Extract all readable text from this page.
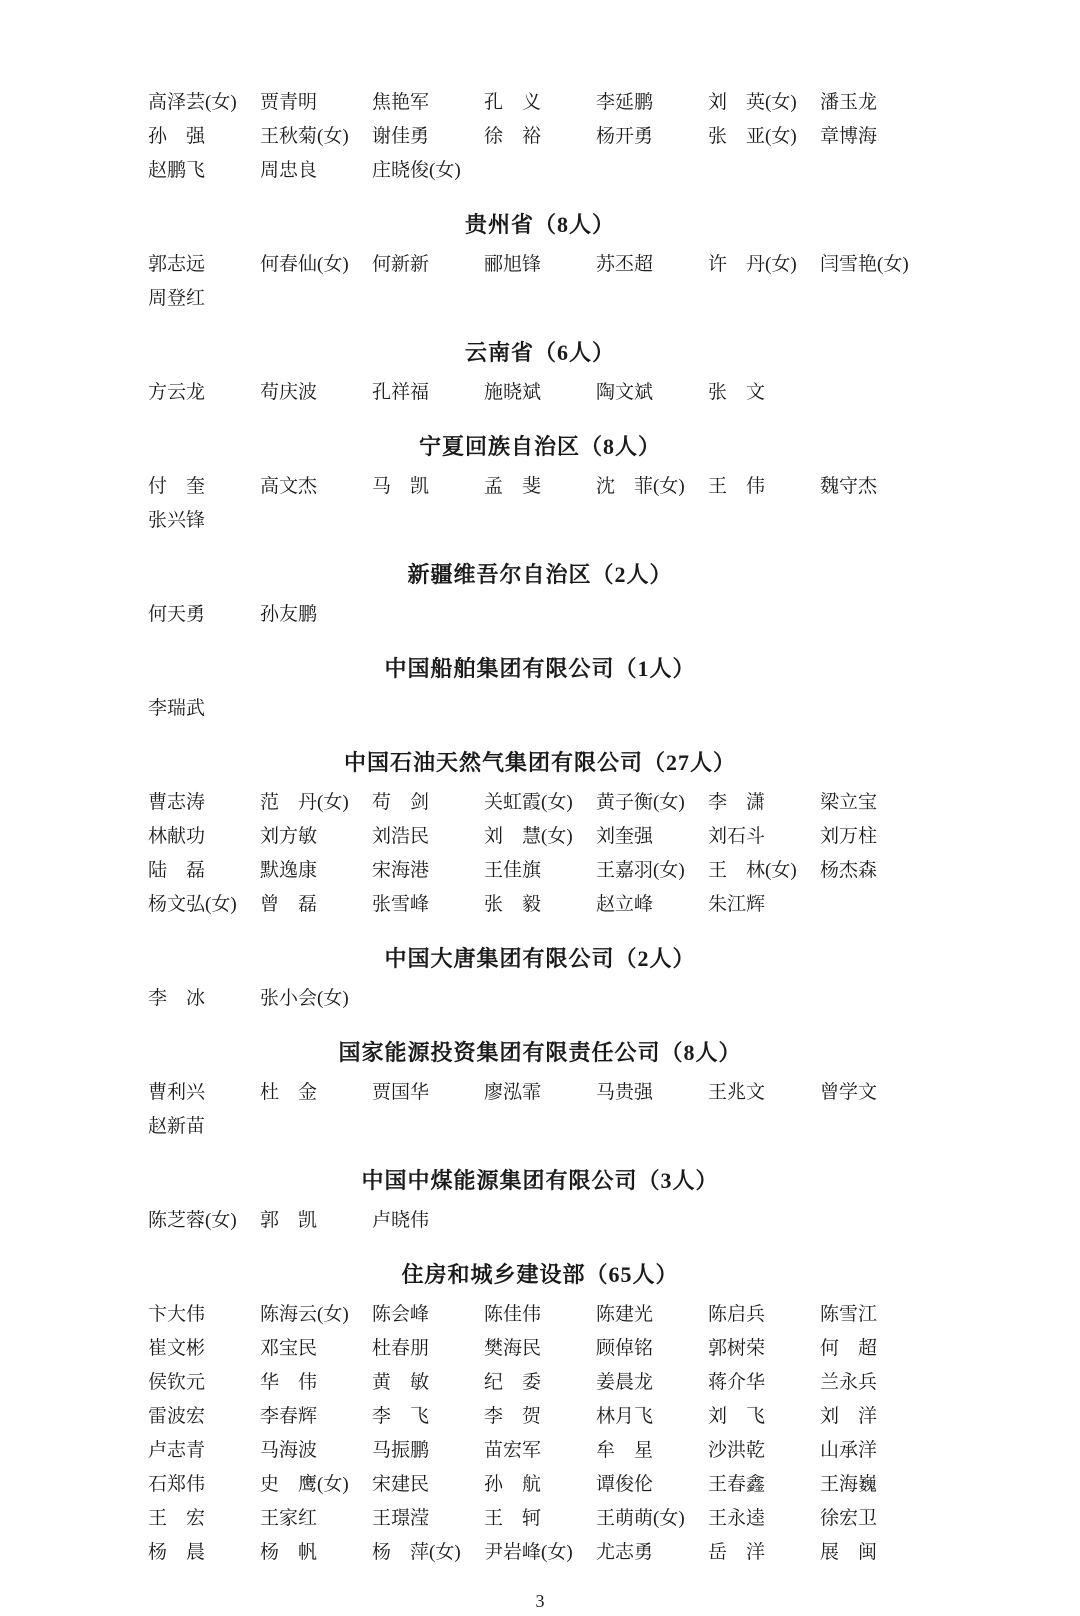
高泽芸(女)	贾青明	焦艳军	孔　义	李延鹏	刘　英(女)	潘玉龙
孙　强	王秋菊(女)	谢佳勇	徐　裕	杨开勇	张　亚(女)	章博海
赵鹏飞	周忠良	庄晓俊(女)
贵州省（8人）
郭志远	何春仙(女)	何新新	郦旭锋	苏丕超	许　丹(女)	闫雪艳(女)
周登红
云南省（6人）
方云龙	苟庆波	孔祥福	施晓斌	陶文斌	张　文
宁夏回族自治区（8人）
付　奎	高文杰	马　凯	孟　斐	沈　菲(女)	王　伟	魏守杰
张兴锋
新疆维吾尔自治区（2人）
何天勇	孙友鹏
中国船舶集团有限公司（1人）
李瑞武
中国石油天然气集团有限公司（27人）
曹志涛	范　丹(女)	苟　剑	关虹霞(女)	黄子衡(女)	李　潇	梁立宝
林献功	刘方敏	刘浩民	刘　慧(女)	刘奎强	刘石斗	刘万柱
陆　磊	默逸康	宋海港	王佳旗	王嘉羽(女)	王　林(女)	杨杰森
杨文弘(女)	曾　磊	张雪峰	张　毅	赵立峰	朱江辉
中国大唐集团有限公司（2人）
李　冰	张小会(女)
国家能源投资集团有限责任公司（8人）
曹利兴	杜　金	贾国华	廖泓霏	马贵强	王兆文	曾学文
赵新苗
中国中煤能源集团有限公司（3人）
陈芝蓉(女)	郭　凯	卢晓伟
住房和城乡建设部（65人）
卞大伟	陈海云(女)	陈会峰	陈佳伟	陈建光	陈启兵	陈雪江
崔文彬	邓宝民	杜春朋	樊海民	顾倬铭	郭树荣	何　超
侯钦元	华　伟	黄　敏	纪　委	姜晨龙	蒋介华	兰永兵
雷波宏	李春辉	李　飞	李　贺	林月飞	刘　飞	刘　洋
卢志青	马海波	马振鹏	苗宏军	牟　星	沙洪乾	山承洋
石郑伟	史　鹰(女)	宋建民	孙　航	谭俊伦	王春鑫	王海巍
王　宏	王家红	王璟滢	王　轲	王萌萌(女)	王永逵	徐宏卫
杨　晨	杨　帆	杨　萍(女)	尹岩峰(女)	尤志勇	岳　洋	展　闽
3
